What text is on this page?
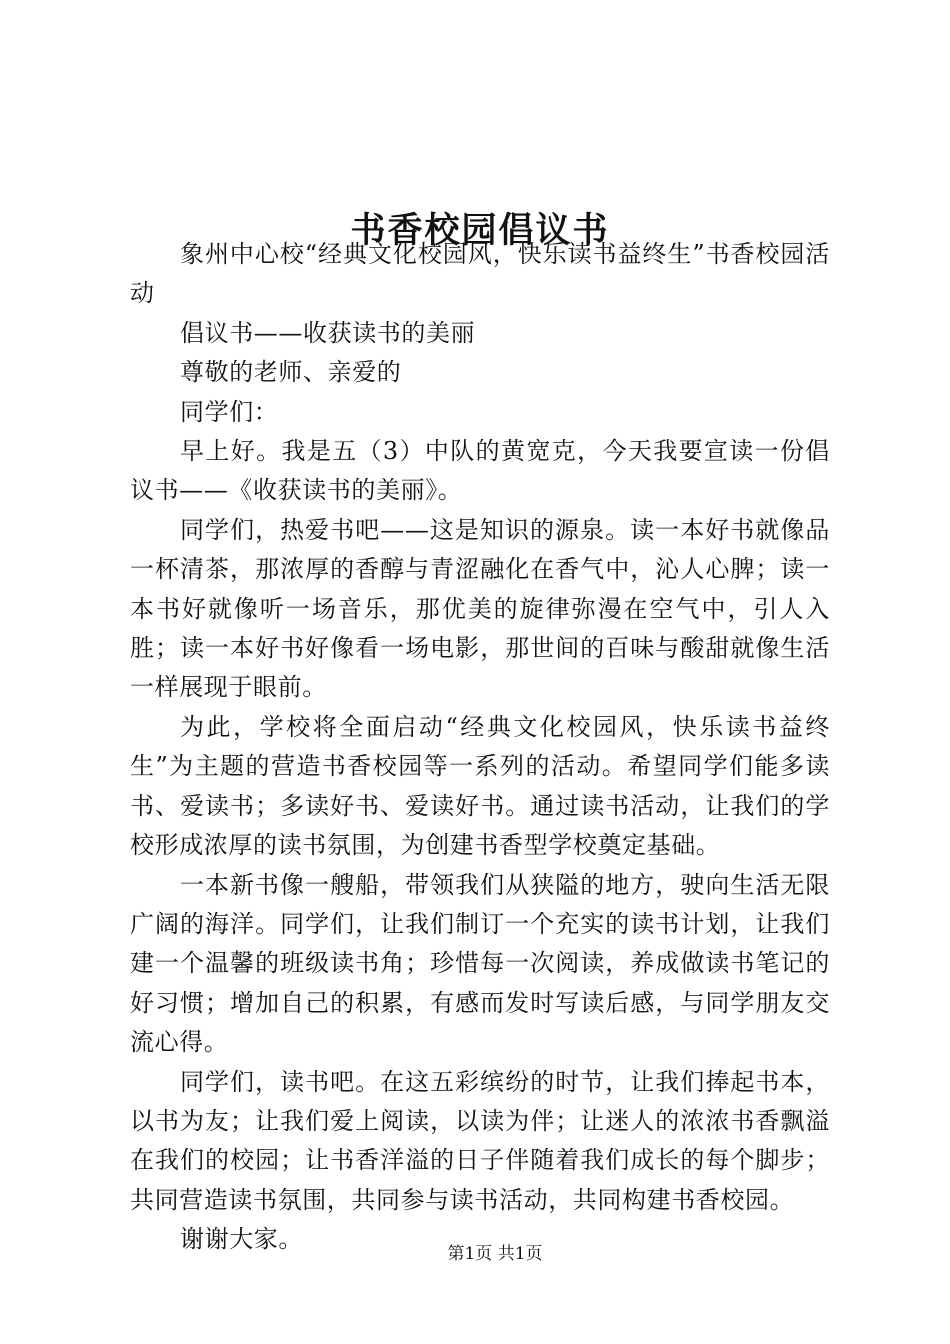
书香校园倡议书

象州中心校“经典文化校园风，快乐读书益终生”书香校园活动

倡议书——收获读书的美丽

尊敬的老师、亲爱的

同学们：

早上好。我是五（3）中队的黄宽克，今天我要宣读一份倡议书——《收获读书的美丽》。

同学们，热爱书吧——这是知识的源泉。读一本好书就像品一杯清茶，那浓厚的香醇与青涩融化在香气中，沁人心脾；读一本书好就像听一场音乐，那优美的旋律弥漫在空气中，引人入胜；读一本好书好像看一场电影，那世间的百味与酸甜就像生活一样展现于眼前。

为此，学校将全面启动“经典文化校园风，快乐读书益终生”为主题的营造书香校园等一系列的活动。希望同学们能多读书、爱读书；多读好书、爱读好书。通过读书活动，让我们的学校形成浓厚的读书氛围，为创建书香型学校奠定基础。

一本新书像一艘船，带领我们从狭隘的地方，驶向生活无限广阔的海洋。同学们，让我们制订一个充实的读书计划，让我们建一个温馨的班级读书角；珍惜每一次阅读，养成做读书笔记的好习惯；增加自己的积累，有感而发时写读后感，与同学朋友交流心得。

同学们，读书吧。在这五彩缤纷的时节，让我们捧起书本，以书为友；让我们爱上阅读，以读为伴；让迷人的浓浓书香飘溢在我们的校园；让书香洋溢的日子伴随着我们成长的每个脚步；共同营造读书氛围，共同参与读书活动，共同构建书香校园。

谢谢大家。

第1页 共1页
